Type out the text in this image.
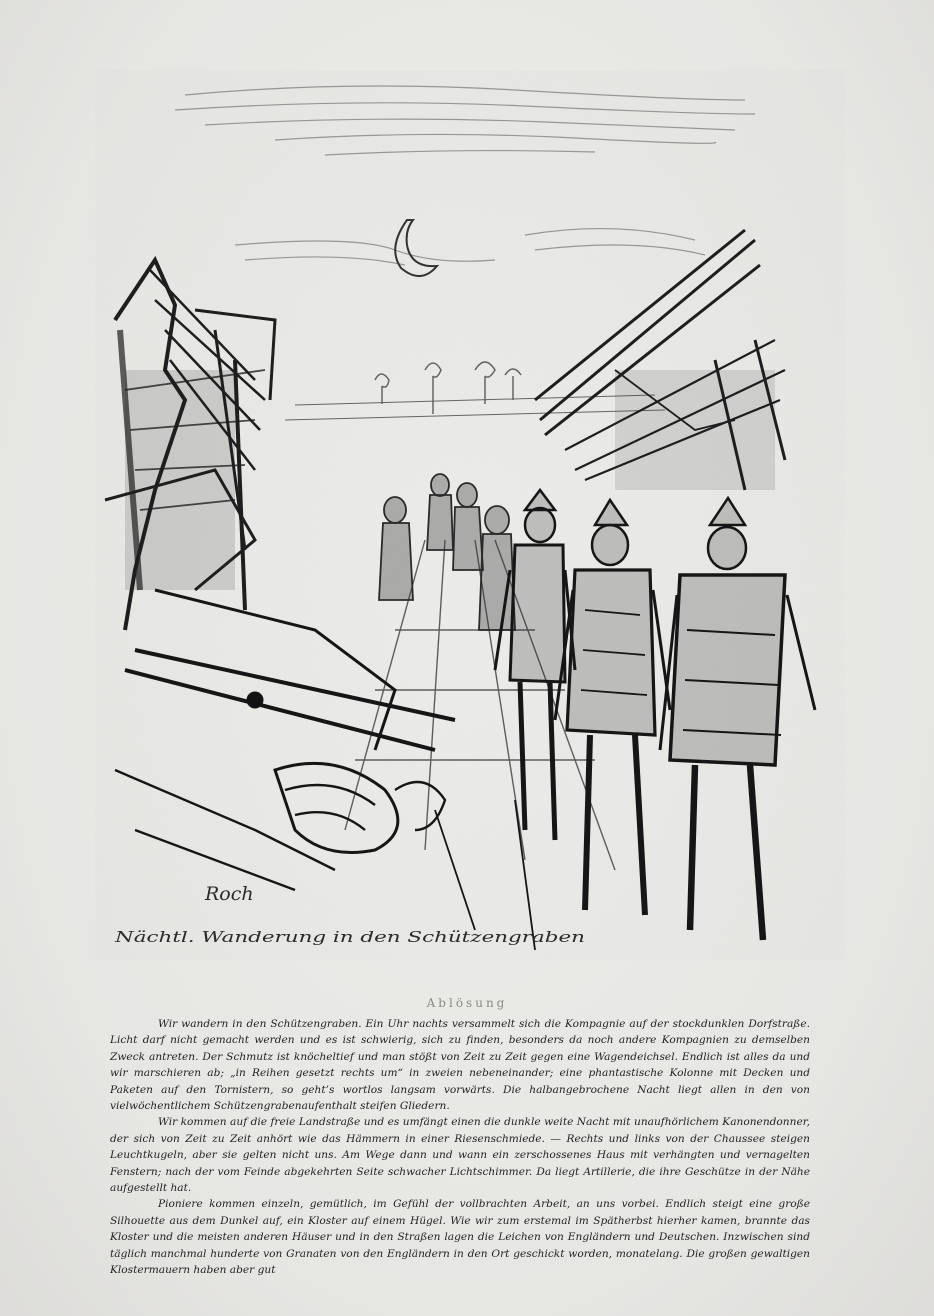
Roch
Nächtl. Wanderung in den Schützengraben
Ablösung

Wir wandern in den Schützengraben. Ein Uhr nachts versammelt sich die Kompagnie auf der stockdunklen Dorfstraße. Licht darf nicht gemacht werden und es ist schwierig, sich zu finden, besonders da noch andere Kompagnien zu demselben Zweck antreten. Der Schmutz ist knöcheltief und man stößt von Zeit zu Zeit gegen eine Wagendeichsel. Endlich ist alles da und wir marschieren ab; „in Reihen gesetzt rechts um“ in zweien nebeneinander; eine phantastische Kolonne mit Decken und Paketen auf den Tornistern, so geht’s wortlos langsam vorwärts. Die halbangebrochene Nacht liegt allen in den von vielwöchentlichem Schützengrabenaufenthalt steifen Gliedern.

Wir kommen auf die freie Landstraße und es umfängt einen die dunkle weite Nacht mit unaufhörlichem Kanonendonner, der sich von Zeit zu Zeit anhört wie das Hämmern in einer Riesenschmiede. — Rechts und links von der Chaussee steigen Leuchtkugeln, aber sie gelten nicht uns. Am Wege dann und wann ein zerschossenes Haus mit verhängten und vernagelten Fenstern; nach der vom Feinde abgekehrten Seite schwacher Lichtschimmer. Da liegt Artillerie, die ihre Geschütze in der Nähe aufgestellt hat.

Pioniere kommen einzeln, gemütlich, im Gefühl der vollbrachten Arbeit, an uns vorbei. Endlich steigt eine große Silhouette aus dem Dunkel auf, ein Kloster auf einem Hügel. Wie wir zum erstemal im Spätherbst hierher kamen, brannte das Kloster und die meisten anderen Häuser und in den Straßen lagen die Leichen von Engländern und Deutschen. Inzwischen sind täglich manchmal hunderte von Granaten von den Engländern in den Ort geschickt worden, monatelang. Die großen gewaltigen Klostermauern haben aber gut
